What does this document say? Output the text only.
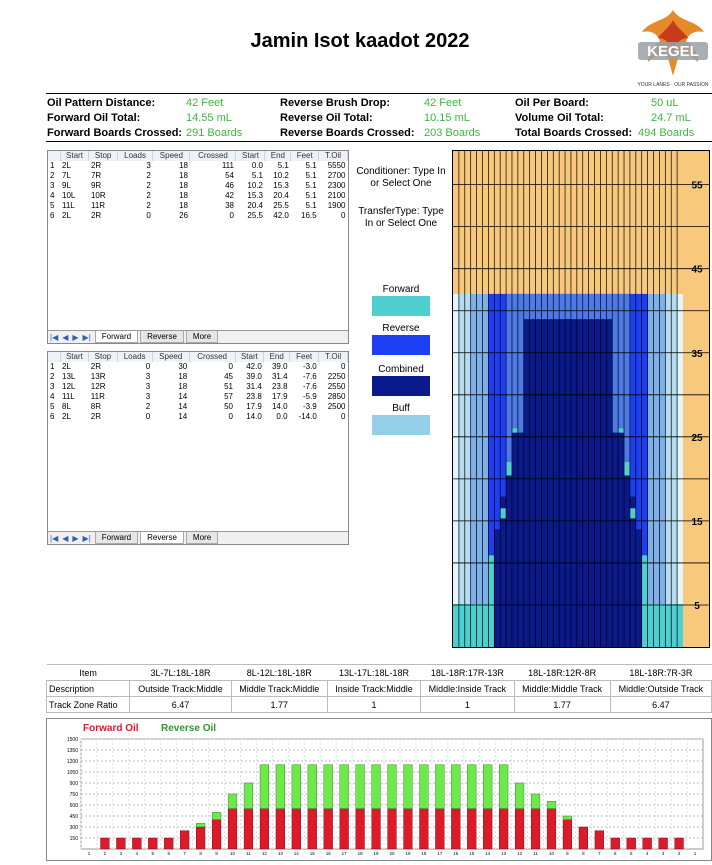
Jamin Isot kaadot 2022	KEGEL
YOUR LANES · OUR PASSION
Oil Pattern Distance:	42 Feet	Reverse Brush Drop:	42 Feet	Oil Per Board:	50 uL
Forward Oil Total:	14.55 mL	Reverse Oil Total:	10.15 mL	Volume Oil Total:	24.7 mL
Forward Boards Crossed: 291 Boards	Reverse Boards Crossed: 203 Boards	Total Boards Crossed: 494 Boards
	Start	Stop	Loads	Speed	Crossed	Start	End	Feet	T.Oil
1	2L	2R	3	18	111	0.0	5.1	5.1	5550
2	7L	7R	2	18	54	5.1	10.2	5.1	2700
3	9L	9R	2	18	46	10.2	15.3	5.1	2300
4	10L	10R	2	18	42	15.3	20.4	5.1	2100
5	11L	11R	2	18	38	20.4	25.5	5.1	1900
6	2L	2R	0	26	0	25.5	42.0	16.5	0
|◀ ◀ ▶ ▶|	Forward	Reverse	More
	Start	Stop	Loads	Speed	Crossed	Start	End	Feet	T.Oil
1	2L	2R	0	30	0	42.0	39.0	-3.0	0
2	13L	13R	3	18	45	39.0	31.4	-7.6	2250
3	12L	12R	3	18	51	31.4	23.8	-7.6	2550
4	11L	11R	3	14	57	23.8	17.9	-5.9	2850
5	8L	8R	2	14	50	17.9	14.0	-3.9	2500
6	2L	2R	0	14	0	14.0	0.0	-14.0	0
|◀ ◀ ▶ ▶|	Forward	Reverse	More
Conditioner: Type In or Select One
TransferType: Type In or Select One
Forward
Reverse
Combined
Buff
55
45
35
25
15
5
Item	3L-7L:18L-18R	8L-12L:18L-18R	13L-17L:18L-18R	18L-18R:17R-13R	18L-18R:12R-8R	18L-18R:7R-3R
Description	Outside Track:Middle	Middle Track:Middle	Inside Track:Middle	Middle:Inside Track	Middle:Middle Track	Middle:Outside Track
Track Zone Ratio	6.47	1.77	1	1	1.77	6.47
Forward Oil Reverse Oil
1500
1350
1200
1050
900
750
600
450
300
150
1	2	3	4	5	6	7	8	9	10 11 12 13 14 15 16 17 18 19 20 19 18 17 16 15 14 13 12 11 10	9	8	7	6	5	4	3	2	1
